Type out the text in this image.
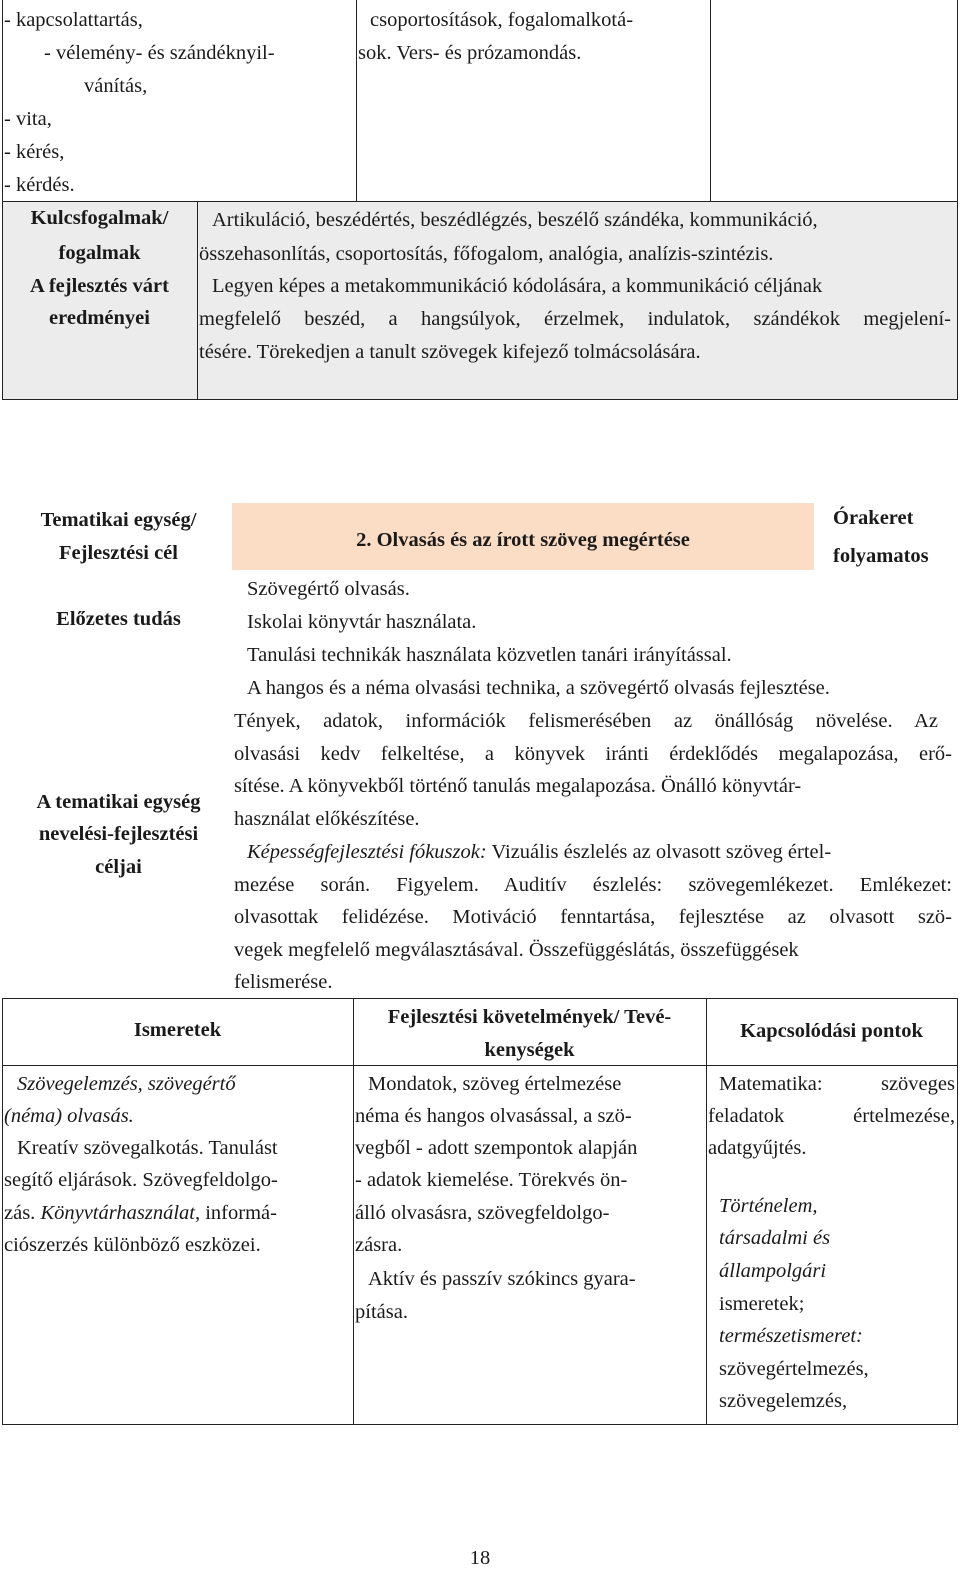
- kapcsolattartás,
- vélemény- és szándéknyil-
vánítás,
- vita,
- kérés,
- kérdés.
csoportosítások, fogalomalkotá-
sok. Vers- és prózamondás.
Kulcsfogalmak/
fogalmak
Artikuláció, beszédértés, beszédlégzés, beszélő szándéka, kommunikáció,
összehasonlítás, csoportosítás, főfogalom, analógia, analízis-szintézis.
A fejlesztés várt
eredményei
Legyen képes a metakommunikáció kódolására, a kommunikáció céljának
megfelelő beszéd, a hangsúlyok, érzelmek, indulatok, szándékok megjelení-
tésére. Törekedjen a tanult szövegek kifejező tolmácsolására.
Tematikai egység/
Fejlesztési cél
2. Olvasás és az írott szöveg megértése
Órakeret
folyamatos
Előzetes tudás
Szövegértő olvasás.
Iskolai könyvtár használata.
Tanulási technikák használata közvetlen tanári irányítással.
A tematikai egység
nevelési-fejlesztési
céljai
A hangos és a néma olvasási technika, a szövegértő olvasás fejlesztése.
Tények, adatok, információk felismerésében az önállóság növelése. Az
olvasási kedv felkeltése, a könyvek iránti érdeklődés megalapozása, erő-
sítése. A könyvekből történő tanulás megalapozása. Önálló könyvtár-
használat előkészítése.
Képességfejlesztési fókuszok: Vizuális észlelés az olvasott szöveg értel-
mezése során. Figyelem. Auditív észlelés: szövegemlékezet. Emlékezet:
olvasottak felidézése. Motiváció fenntartása, fejlesztése az olvasott szö-
vegek megfelelő megválasztásával. Összefüggéslátás, összefüggések
felismerése.
Ismeretek
Fejlesztési követelmények/ Tevé-
kenységek
Kapcsolódási pontok
Szövegelemzés, szövegértő
(néma) olvasás.
Kreatív szövegalkotás. Tanulást
segítő eljárások. Szövegfeldolgo-
zás. Könyvtárhasználat, informá-
ciószerzés különböző eszközei.
Mondatok, szöveg értelmezése
néma és hangos olvasással, a szö-
vegből - adott szempontok alapján
- adatok kiemelése. Törekvés ön-
álló olvasásra, szövegfeldolgo-
zásra.
Aktív és passzív szókincs gyara-
pítása.
Matematika:	szöveges
feladatok	értelmezése,
adatgyűjtés.
Történelem,
társadalmi és
állampolgári
ismeretek;
természetismeret:
szövegértelmezés,
szövegelemzés,
18
